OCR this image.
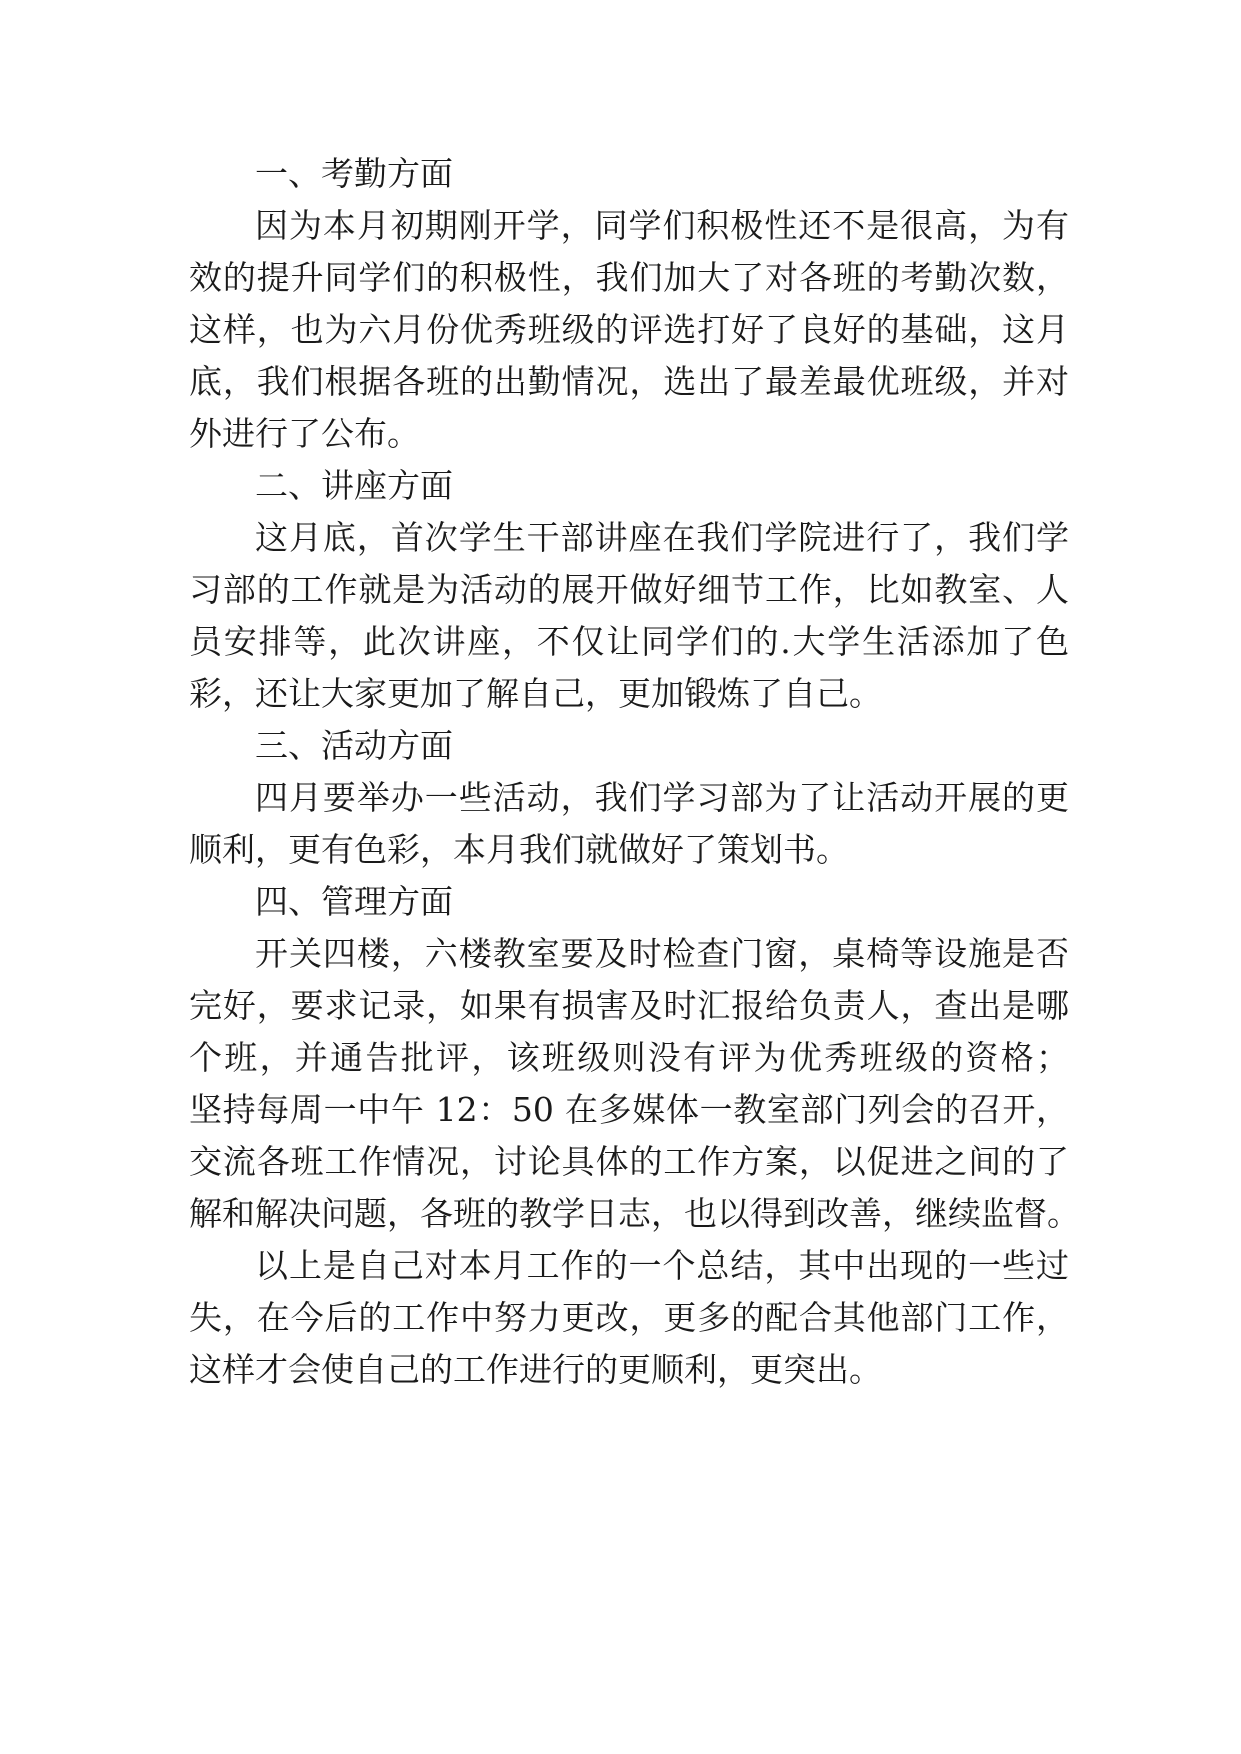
一、考勤方面
因为本月初期刚开学，同学们积极性还不是很高，为有
效的提升同学们的积极性，我们加大了对各班的考勤次数，
这样，也为六月份优秀班级的评选打好了良好的基础，这月
底，我们根据各班的出勤情况，选出了最差最优班级，并对
外进行了公布。
二、讲座方面
这月底，首次学生干部讲座在我们学院进行了，我们学
习部的工作就是为活动的展开做好细节工作，比如教室、人
员安排等，此次讲座，不仅让同学们的.大学生活添加了色
彩，还让大家更加了解自己，更加锻炼了自己。
三、活动方面
四月要举办一些活动，我们学习部为了让活动开展的更
顺利，更有色彩，本月我们就做好了策划书。
四、管理方面
开关四楼，六楼教室要及时检查门窗，桌椅等设施是否
完好，要求记录，如果有损害及时汇报给负责人，查出是哪
个班，并通告批评，该班级则没有评为优秀班级的资格；
坚持每周一中午 12：50 在多媒体一教室部门列会的召开，
交流各班工作情况，讨论具体的工作方案，以促进之间的了
解和解决问题，各班的教学日志，也以得到改善，继续监督。
以上是自己对本月工作的一个总结，其中出现的一些过
失，在今后的工作中努力更改，更多的配合其他部门工作，
这样才会使自己的工作进行的更顺利，更突出。
